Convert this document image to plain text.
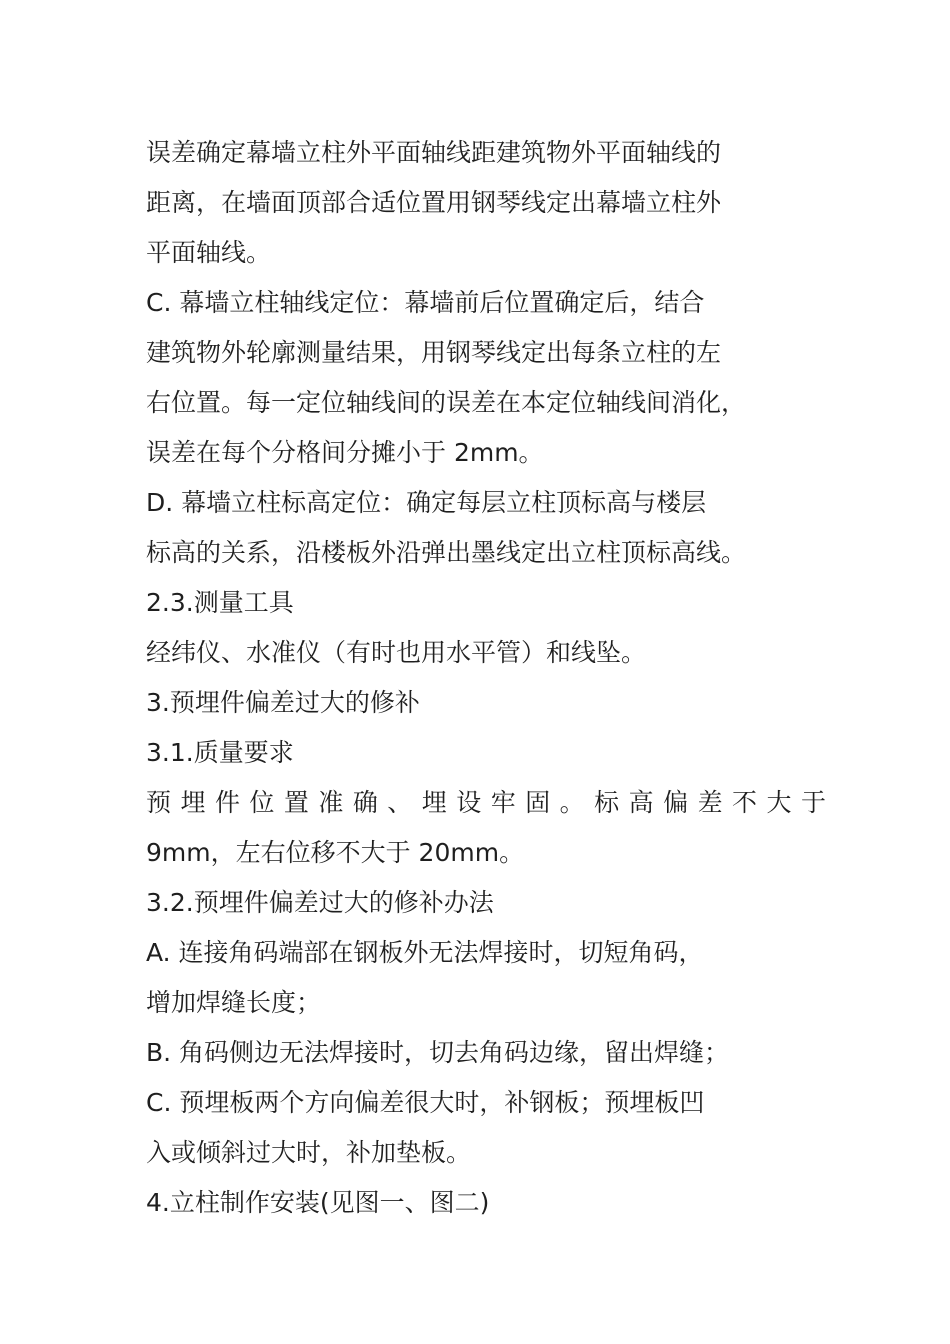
误差确定幕墙立柱外平面轴线距建筑物外平面轴线的
距离，在墙面顶部合适位置用钢琴线定出幕墙立柱外
平面轴线。
C. 幕墙立柱轴线定位：幕墙前后位置确定后，结合
建筑物外轮廓测量结果，用钢琴线定出每条立柱的左
右位置。每一定位轴线间的误差在本定位轴线间消化，
误差在每个分格间分摊小于 2mm。
D. 幕墙立柱标高定位：确定每层立柱顶标高与楼层
标高的关系，沿楼板外沿弹出墨线定出立柱顶标高线。
2.3.测量工具
经纬仪、水准仪（有时也用水平管）和线坠。
3.预埋件偏差过大的修补
3.1.质量要求
预埋件位置准确、埋设牢固。标高偏差不大于
9mm，左右位移不大于 20mm。
3.2.预埋件偏差过大的修补办法
A. 连接角码端部在钢板外无法焊接时，切短角码，
增加焊缝长度；
B. 角码侧边无法焊接时，切去角码边缘，留出焊缝；
C. 预埋板两个方向偏差很大时，补钢板；预埋板凹
入或倾斜过大时，补加垫板。
4.立柱制作安装(见图一、图二)
